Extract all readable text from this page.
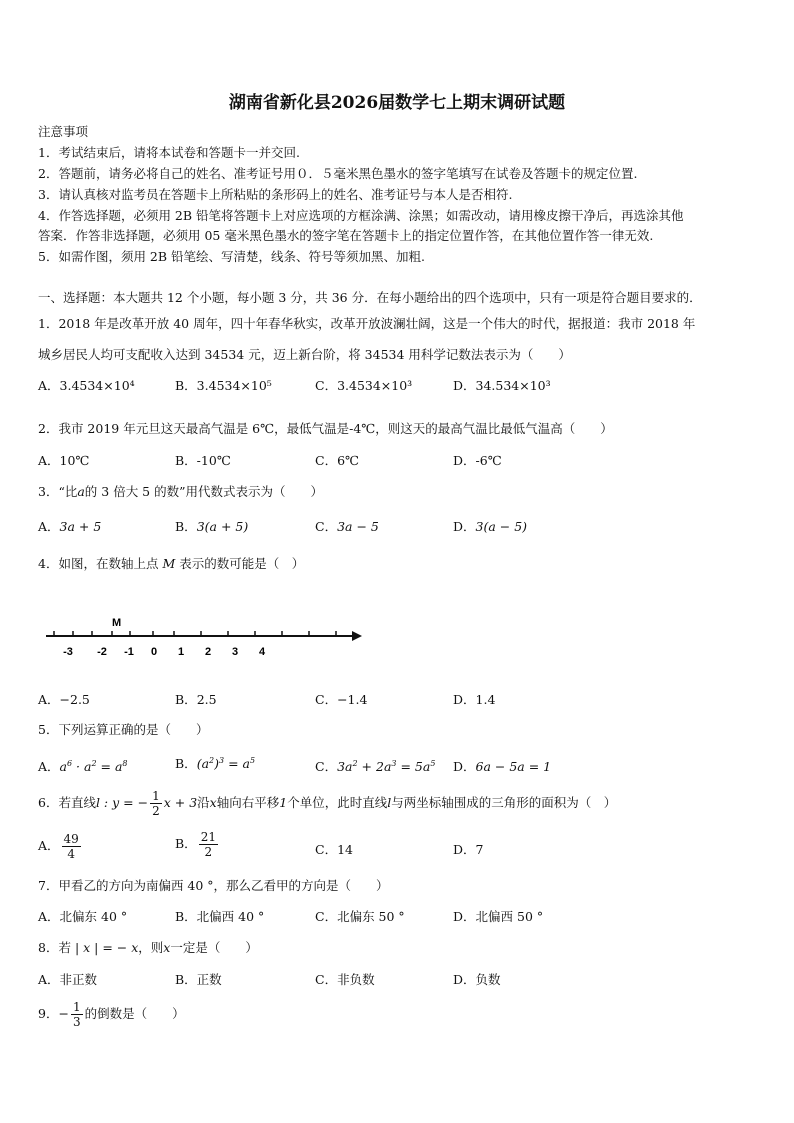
湖南省新化县2026届数学七上期末调研试题
注意事项
1．考试结束后，请将本试卷和答题卡一并交回.
2．答题前，请务必将自己的姓名、准考证号用０．５毫米黑色墨水的签字笔填写在试卷及答题卡的规定位置.
3．请认真核对监考员在答题卡上所粘贴的条形码上的姓名、准考证号与本人是否相符.
4．作答选择题，必须用 2B 铅笔将答题卡上对应选项的方框涂满、涂黑；如需改动，请用橡皮擦干净后，再选涂其他
答案．作答非选择题，必须用 05 毫米黑色墨水的签字笔在答题卡上的指定位置作答，在其他位置作答一律无效.
5．如需作图，须用 2B 铅笔绘、写清楚，线条、符号等须加黑、加粗.
一、选择题：本大题共 12 个小题，每小题 3 分，共 36 分．在每小题给出的四个选项中，只有一项是符合题目要求的．
1．2018 年是改革开放 40 周年，四十年春华秋实，改革开放波澜壮阔，这是一个伟大的时代，据报道：我市 2018 年
城乡居民人均可支配收入达到 34534 元，迈上新台阶，将 34534 用科学记数法表示为（　　）
A．3.4534×10⁴	B．3.4534×10⁵	C．3.4534×10³	D．34.534×10³
2．我市 2019 年元旦这天最高气温是 6℃，最低气温是-4℃，则这天的最高气温比最低气温高（　　）
A．10℃	B．-10℃	C．6℃	D．-6℃
3．“比a的 3 倍大 5 的数”用代数式表示为（　　）
A．3a + 5	B．3(a + 5)	C．3a − 5	D．3(a − 5)
4．如图，在数轴上点 M 表示的数可能是（　）
-3 -2 -1 0 1 2 3 4
M
A．−2.5	B．2.5	C．−1.4	D．1.4
5．下列运算正确的是（　　）
A．$a^6 \cdot a^2 = a^8$	B．$(a^2)^3 = a^5$	C．$3a^2 + 2a^3 = 5a^5$ D．6a − 5a = 1
6．若直线l : y = − $\frac{1}{2}$ x + 3沿x轴向右平移1个单位，此时直线l与两坐标轴围成的三角形的面积为（　）
A． $\frac{49}{4}$	B． $\frac{21}{2}$	C．14	D．7
7．甲看乙的方向为南偏西 40 °，那么乙看甲的方向是（　　）
A．北偏东 40 °	B．北偏西 40 °	C．北偏东 50 °	D．北偏西 50 °
8．若 | x | = − x，则x一定是（　　）
A．非正数	B．正数	C．非负数	D．负数
9．− $\frac{1}{3}$ 的倒数是（　　）
